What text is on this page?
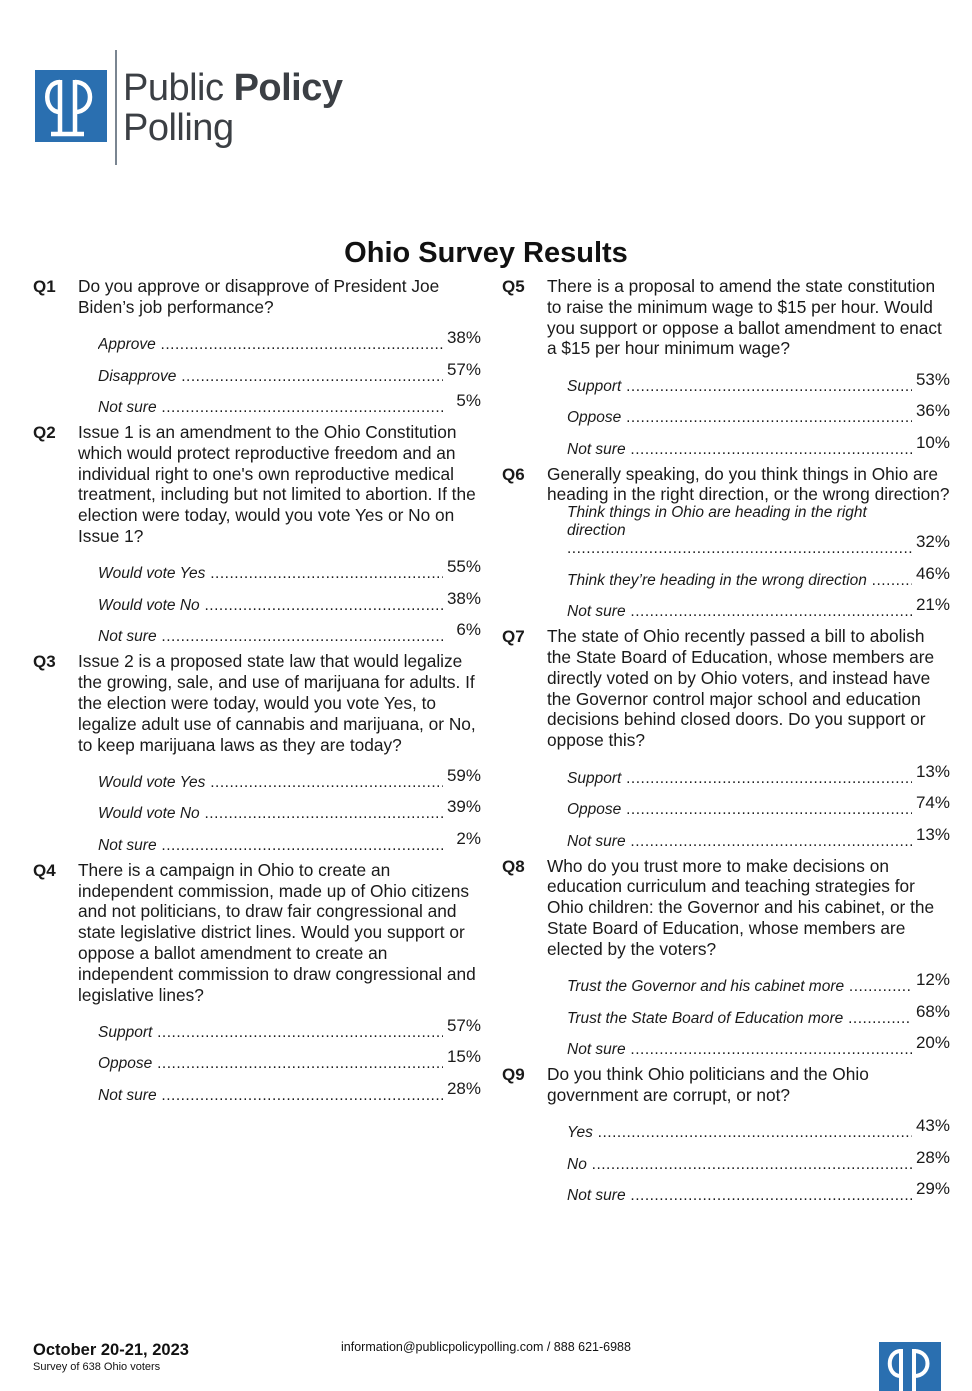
Public Policy
Polling
Ohio Survey Results
Q1 Do you approve or disapprove of President Joe Biden’s job performance?
Approve .....	38%
Disapprove .....	57%
Not sure .....	5%
Q2 Issue 1 is an amendment to the Ohio Constitution which would protect reproductive freedom and an individual right to one's own reproductive medical treatment, including but not limited to abortion. If the election were today, would you vote Yes or No on Issue 1?
Would vote Yes .....	55%
Would vote No .....	38%
Not sure .....	6%
Q3 Issue 2 is a proposed state law that would legalize the growing, sale, and use of marijuana for adults. If the election were today, would you vote Yes, to legalize adult use of cannabis and marijuana, or No, to keep marijuana laws as they are today?
Would vote Yes .....	59%
Would vote No .....	39%
Not sure .....	2%
Q4 There is a campaign in Ohio to create an independent commission, made up of Ohio citizens and not politicians, to draw fair congressional and state legislative district lines. Would you support or oppose a ballot amendment to create an independent commission to draw congressional and legislative lines?
Support .....	57%
Oppose .....	15%
Not sure .....	28%
Q5 There is a proposal to amend the state constitution to raise the minimum wage to $15 per hour. Would you support or oppose a ballot amendment to enact a $15 per hour minimum wage?
Support .....	53%
Oppose .....	36%
Not sure .....	10%
Q6 Generally speaking, do you think things in Ohio are heading in the right direction, or the wrong direction?
Think things in Ohio are heading in the right direction .....
32%
Think they’re heading in the wrong direction .....	46%
Not sure .....	21%
Q7 The state of Ohio recently passed a bill to abolish the State Board of Education, whose members are directly voted on by Ohio voters, and instead have the Governor control major school and education decisions behind closed doors. Do you support or oppose this?
Support .....	13%
Oppose .....	74%
Not sure .....	13%
Q8 Who do you trust more to make decisions on education curriculum and teaching strategies for Ohio children: the Governor and his cabinet, or the State Board of Education, whose members are elected by the voters?
Trust the Governor and his cabinet more .....	12%
Trust the State Board of Education more .....	68%
Not sure .....	20%
Q9 Do you think Ohio politicians and the Ohio government are corrupt, or not?
Yes .....	43%
No .....	28%
Not sure .....	29%
October 20-21, 2023
Survey of 638 Ohio voters
information@publicpolicypolling.com / 888 621-6988
